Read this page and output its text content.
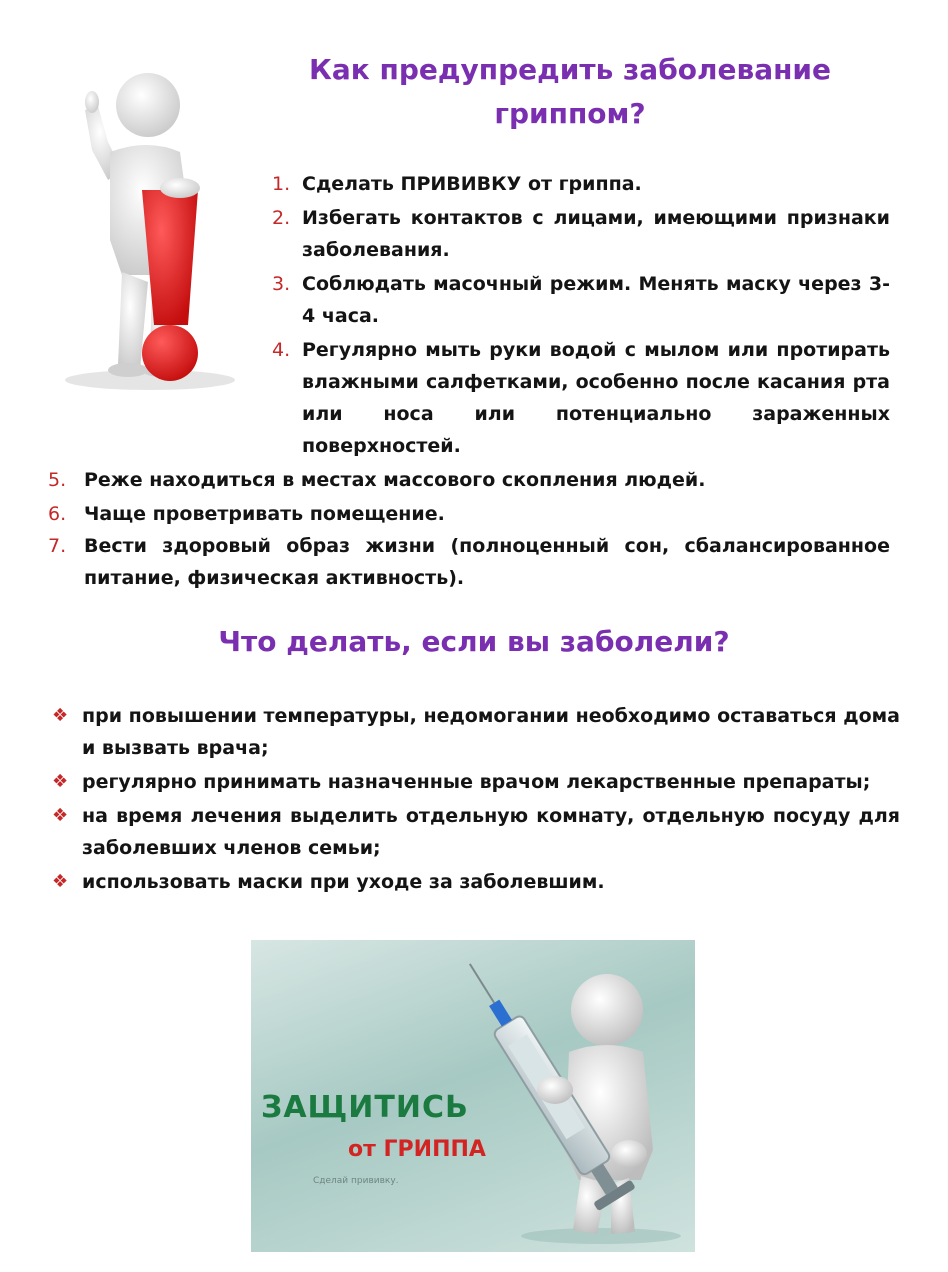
Как предупредить заболевание гриппом?
1. Сделать ПРИВИВКУ от гриппа.
2. Избегать контактов с лицами, имеющими признаки заболевания.
3. Соблюдать масочный режим. Менять маску через 3-4 часа.
4. Регулярно мыть руки водой с мылом или протирать влажными салфетками, особенно после касания рта или носа или потенциально зараженных поверхностей.
5. Реже находиться в местах массового скопления людей.
6. Чаще проветривать помещение.
7. Вести здоровый образ жизни (полноценный сон, сбалансированное питание, физическая активность).
Что делать, если вы заболели?
❖ при повышении температуры, недомогании необходимо оставаться дома и вызвать врача;
❖ регулярно принимать назначенные врачом лекарственные препараты;
❖ на время лечения выделить отдельную комнату, отдельную посуду для заболевших членов семьи;
❖ использовать маски при уходе за заболевшим.
ЗАЩИТИСЬ
от ГРИППА
Сделай прививку.
